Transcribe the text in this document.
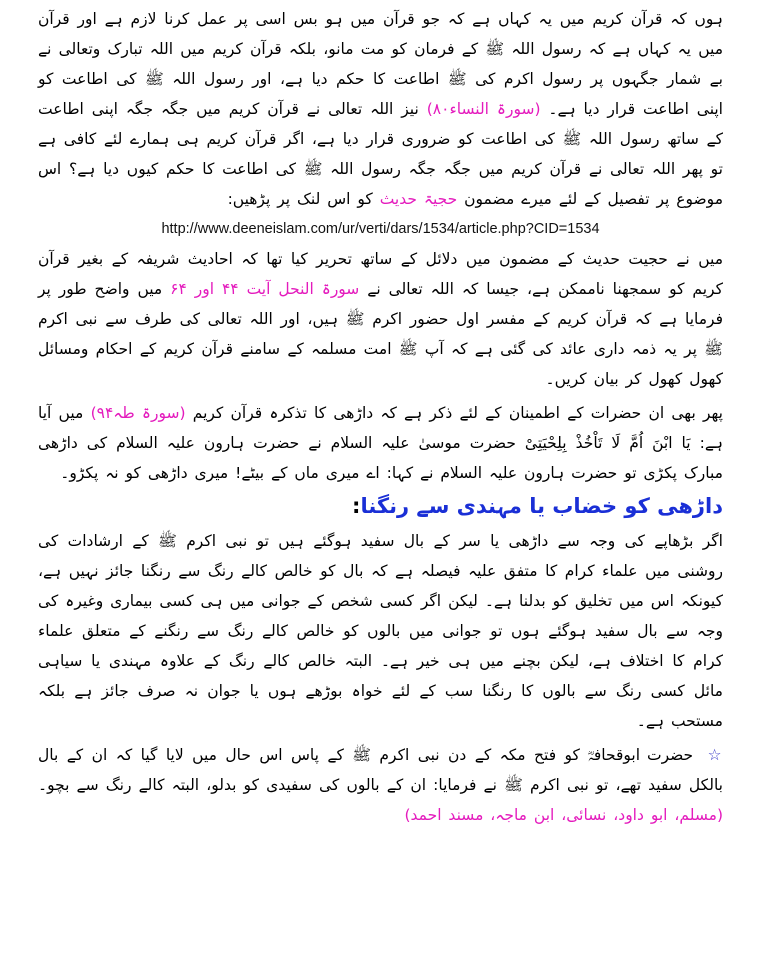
ہوں کہ قرآن کریم میں یہ کہاں ہے کہ جو قرآن میں ہو بس اسی پر عمل کرنا لازم ہے اور قرآن میں یہ کہاں ہے کہ رسول اللہ ﷺ کے فرمان کو مت مانو، بلکہ قرآن کریم میں اللہ تبارک وتعالی نے بے شمار جگہوں پر رسول اکرم کی ﷺ اطاعت کا حکم دیا ہے، اور رسول اللہ ﷺ کی اطاعت کو اپنی اطاعت قرار دیا ہے۔ (سورۃ النساء۸۰) نیز اللہ تعالی نے قرآن کریم میں جگہ جگہ اپنی اطاعت کے ساتھ رسول اللہ ﷺ کی اطاعت کو ضروری قرار دیا ہے، اگر قرآن کریم ہی ہمارے لئے کافی ہے تو پھر اللہ تعالی نے قرآن کریم میں جگہ جگہ رسول اللہ ﷺ کی اطاعت کا حکم کیوں دیا ہے؟ اس موضوع پر تفصیل کے لئے میرے مضمون حجیۃ حدیث کو اس لنک پر پڑھیں:

http://www.deeneislam.com/ur/verti/dars/1534/article.php?CID=1534

میں نے حجیت حدیث کے مضمون میں دلائل کے ساتھ تحریر کیا تھا کہ احادیث شریفہ کے بغیر قرآن کریم کو سمجھنا ناممکن ہے، جیسا کہ اللہ تعالی نے سورۃ النحل آیت ۴۴ اور ۶۴ میں واضح طور پر فرمایا ہے کہ قرآن کریم کے مفسر اول حضور اکرم ﷺ ہیں، اور اللہ تعالی کی طرف سے نبی اکرم ﷺ پر یہ ذمہ داری عائد کی گئی ہے کہ آپ ﷺ امت مسلمہ کے سامنے قرآن کریم کے احکام ومسائل کھول کھول کر بیان کریں۔

پھر بھی ان حضرات کے اطمینان کے لئے ذکر ہے کہ داڑھی کا تذکرہ قرآن کریم (سورۃ طہ۹۴) میں آیا ہے: یَا ابْنَ اُمَّ لَا تَاْخُذْ بِلِحْیَتِیْ حضرت موسیٰ علیہ السلام نے حضرت ہارون علیہ السلام کی داڑھی مبارک پکڑی تو حضرت ہارون علیہ السلام نے کہا: اے میری ماں کے بیٹے! میری داڑھی کو نہ پکڑو۔

داڑھی کو خضاب یا مہندی سے رنگنا:

اگر بڑھاپے کی وجہ سے داڑھی یا سر کے بال سفید ہوگئے ہیں تو نبی اکرم ﷺ کے ارشادات کی روشنی میں علماء کرام کا متفق علیہ فیصلہ ہے کہ بال کو خالص کالے رنگ سے رنگنا جائز نہیں ہے، کیونکہ اس میں تخلیق کو بدلنا ہے۔ لیکن اگر کسی شخص کے جوانی میں ہی کسی بیماری وغیرہ کی وجہ سے بال سفید ہوگئے ہوں تو جوانی میں بالوں کو خالص کالے رنگ سے رنگنے کے متعلق علماء کرام کا اختلاف ہے، لیکن بچنے میں ہی خیر ہے۔ البتہ خالص کالے رنگ کے علاوہ مہندی یا سیاہی مائل کسی رنگ سے بالوں کا رنگنا سب کے لئے خواہ بوڑھے ہوں یا جوان نہ صرف جائز ہے بلکہ مستحب ہے۔

☆ حضرت ابوقحافہؓ کو فتح مکہ کے دن نبی اکرم ﷺ کے پاس اس حال میں لایا گیا کہ ان کے بال بالکل سفید تھے، تو نبی اکرم ﷺ نے فرمایا: ان کے بالوں کی سفیدی کو بدلو، البتہ کالے رنگ سے بچو۔ (مسلم، ابو داود، نسائی، ابن ماجہ، مسند احمد)
